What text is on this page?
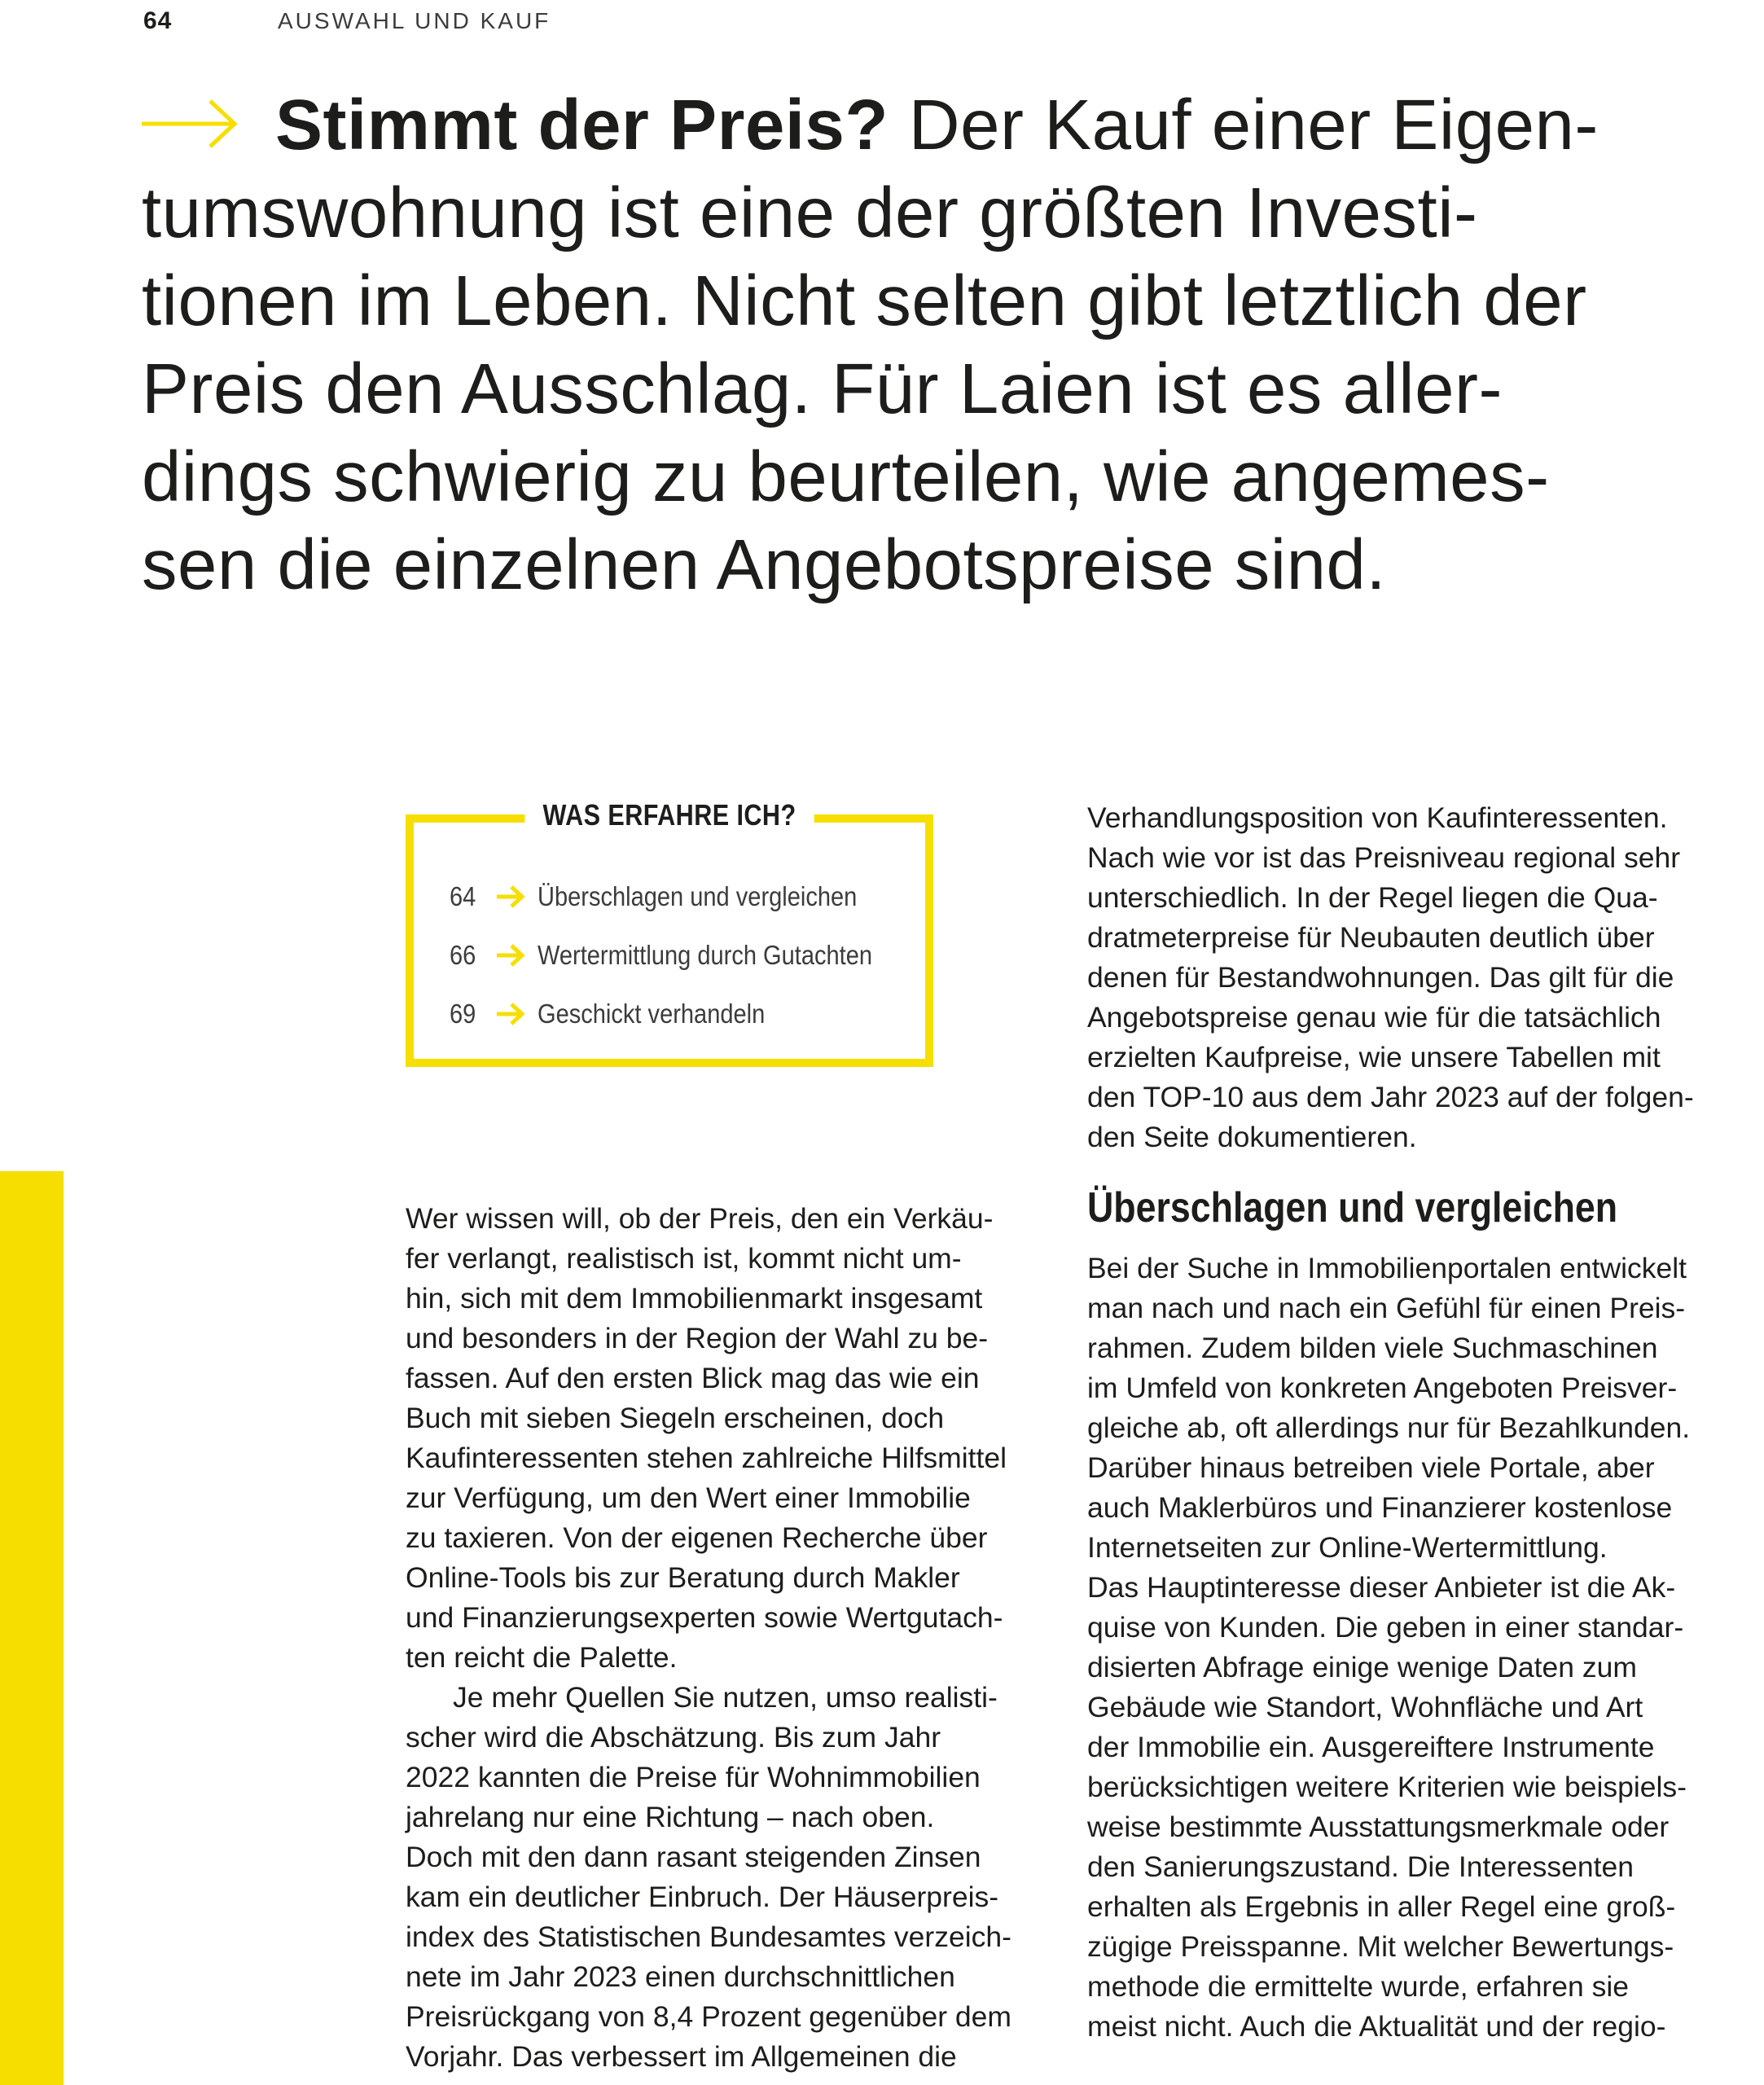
64	AUSWAHL UND KAUF
Stimmt der Preis? Der Kauf einer Eigen-
tumswohnung ist eine der größten Investi-
tionen im Leben. Nicht selten gibt letztlich der
Preis den Ausschlag. Für Laien ist es aller-
dings schwierig zu beurteilen, wie angemes-
sen die einzelnen Angebotspreise sind.
WAS ERFAHRE ICH?
64	Überschlagen und vergleichen
66	Wertermittlung durch Gutachten
69	Geschickt verhandeln
Wer wissen will, ob der Preis, den ein Verkäu-
fer verlangt, realistisch ist, kommt nicht um-
hin, sich mit dem Immobilienmarkt insgesamt
und besonders in der Region der Wahl zu be-
fassen. Auf den ersten Blick mag das wie ein
Buch mit sieben Siegeln erscheinen, doch
Kaufinteressenten stehen zahlreiche Hilfsmittel
zur Verfügung, um den Wert einer Immobilie
zu taxieren. Von der eigenen Recherche über
Online-Tools bis zur Beratung durch Makler
und Finanzierungsexperten sowie Wertgutach-
ten reicht die Palette.
Je mehr Quellen Sie nutzen, umso realisti-
scher wird die Abschätzung. Bis zum Jahr
2022 kannten die Preise für Wohnimmobilien
jahrelang nur eine Richtung – nach oben.
Doch mit den dann rasant steigenden Zinsen
kam ein deutlicher Einbruch. Der Häuserpreis-
index des Statistischen Bundesamtes verzeich-
nete im Jahr 2023 einen durchschnittlichen
Preisrückgang von 8,4 Prozent gegenüber dem
Vorjahr. Das verbessert im Allgemeinen die
Verhandlungsposition von Kaufinteressenten.
Nach wie vor ist das Preisniveau regional sehr
unterschiedlich. In der Regel liegen die Qua-
dratmeterpreise für Neubauten deutlich über
denen für Bestandwohnungen. Das gilt für die
Angebotspreise genau wie für die tatsächlich
erzielten Kaufpreise, wie unsere Tabellen mit
den TOP-10 aus dem Jahr 2023 auf der folgen-
den Seite dokumentieren.
Überschlagen und vergleichen
Bei der Suche in Immobilienportalen entwickelt
man nach und nach ein Gefühl für einen Preis-
rahmen. Zudem bilden viele Suchmaschinen
im Umfeld von konkreten Angeboten Preisver-
gleiche ab, oft allerdings nur für Bezahlkunden.
Darüber hinaus betreiben viele Portale, aber
auch Maklerbüros und Finanzierer kostenlose
Internetseiten zur Online-Wertermittlung.
Das Hauptinteresse dieser Anbieter ist die Ak-
quise von Kunden. Die geben in einer standar-
disierten Abfrage einige wenige Daten zum
Gebäude wie Standort, Wohnfläche und Art
der Immobilie ein. Ausgereiftere Instrumente
berücksichtigen weitere Kriterien wie beispiels-
weise bestimmte Ausstattungsmerkmale oder
den Sanierungszustand. Die Interessenten
erhalten als Ergebnis in aller Regel eine groß-
zügige Preisspanne. Mit welcher Bewertungs-
methode die ermittelte wurde, erfahren sie
meist nicht. Auch die Aktualität und der regio-
